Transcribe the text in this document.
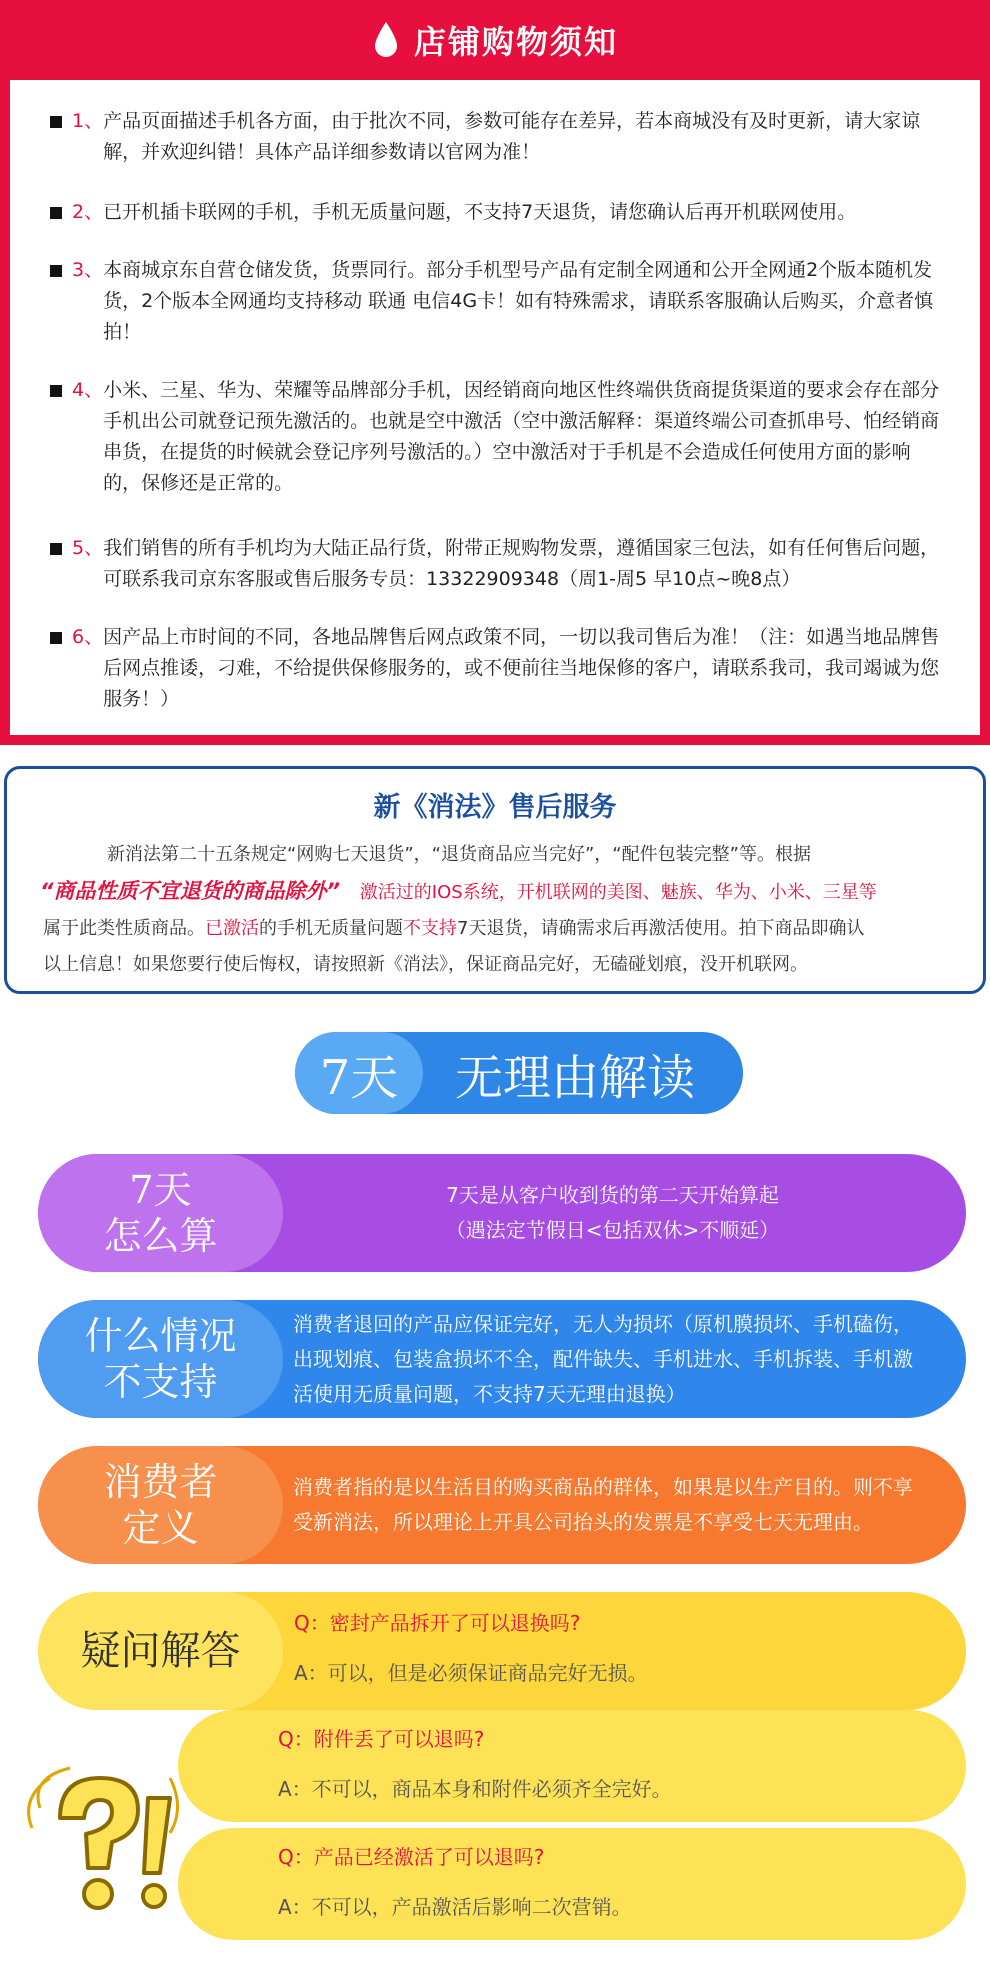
店铺购物须知
1、 产品页面描述手机各方面，由于批次不同，参数可能存在差异，若本商城没有及时更新，请大家谅解，并欢迎纠错！具体产品详细参数请以官网为准！
2、 已开机插卡联网的手机，手机无质量问题，不支持7天退货，请您确认后再开机联网使用。
3、 本商城京东自营仓储发货，货票同行。部分手机型号产品有定制全网通和公开全网通2个版本随机发货，2个版本全网通均支持移动 联通 电信4G卡！如有特殊需求，请联系客服确认后购买，介意者慎拍！
4、 小米、三星、华为、荣耀等品牌部分手机，因经销商向地区性终端供货商提货渠道的要求会存在部分手机出公司就登记预先激活的。也就是空中激活（空中激活解释：渠道终端公司查抓串号、怕经销商串货，在提货的时候就会登记序列号激活的。）空中激活对于手机是不会造成任何使用方面的影响的，保修还是正常的。
5、 我们销售的所有手机均为大陆正品行货，附带正规购物发票，遵循国家三包法，如有任何售后问题，可联系我司京东客服或售后服务专员：13322909348（周1-周5 早10点~晚8点）
6、 因产品上市时间的不同，各地品牌售后网点政策不同，一切以我司售后为准！（注：如遇当地品牌售后网点推诿，刁难，不给提供保修服务的，或不便前往当地保修的客户，请联系我司，我司竭诚为您服务！）
新《消法》售后服务
新消法第二十五条规定“网购七天退货”，“退货商品应当完好”，“配件包装完整”等。根据
“商品性质不宜退货的商品除外” 激活过的IOS系统，开机联网的美图、魅族、华为、小米、三星等
属于此类性质商品。已激活的手机无质量问题不支持7天退货，请确需求后再激活使用。拍下商品即确认
以上信息！如果您要行使后悔权，请按照新《消法》，保证商品完好，无磕碰划痕，没开机联网。
7天	无理由解读
7天
怎么算
7天是从客户收到货的第二天开始算起
（遇法定节假日<包括双休>不顺延）
什么情况
不支持
消费者退回的产品应保证完好，无人为损坏（原机膜损坏、手机磕伤，出现划痕、包装盒损坏不全，配件缺失、手机进水、手机拆装、手机激活使用无质量问题，不支持7天无理由退换）
消费者
定义
消费者指的是以生活目的购买商品的群体，如果是以生产目的。则不享受新消法，所以理论上开具公司抬头的发票是不享受七天无理由。
疑问解答
Q：密封产品拆开了可以退换吗?
A：可以，但是必须保证商品完好无损。
Q：附件丢了可以退吗?
A：不可以，商品本身和附件必须齐全完好。
Q：产品已经激活了可以退吗?
A：不可以，产品激活后影响二次营销。
